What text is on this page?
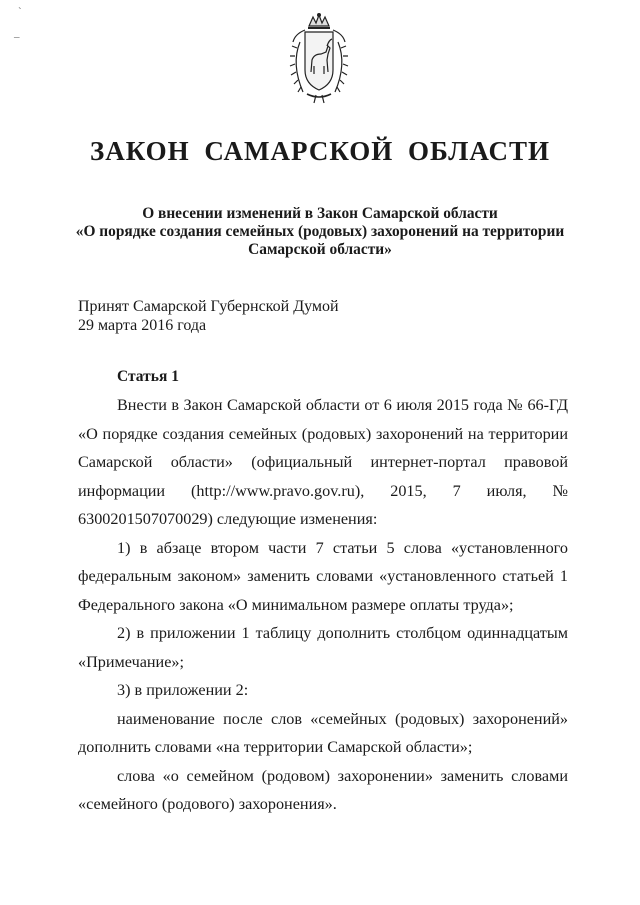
ˋ
–
ЗАКОН САМАРСКОЙ ОБЛАСТИ
О внесении изменений в Закон Самарской области
«О порядке создания семейных (родовых) захоронений на территории
Самарской области»
Принят Самарской Губернской Думой
29 марта 2016 года
Статья 1

Внести в Закон Самарской области от 6 июля 2015 года № 66-ГД «О порядке создания семейных (родовых) захоронений на территории Самарской области» (официальный интернет-портал правовой информации (http://www.pravo.gov.ru), 2015, 7 июля, № 6300201507070029) следующие изменения:

1) в абзаце втором части 7 статьи 5 слова «установленного федеральным законом» заменить словами «установленного статьей 1 Федерального закона «О минимальном размере оплаты труда»;

2) в приложении 1 таблицу дополнить столбцом одиннадцатым «Примечание»;

3) в приложении 2:

наименование после слов «семейных (родовых) захоронений» дополнить словами «на территории Самарской области»;

слова «о семейном (родовом) захоронении» заменить словами «семейного (родового) захоронения».
